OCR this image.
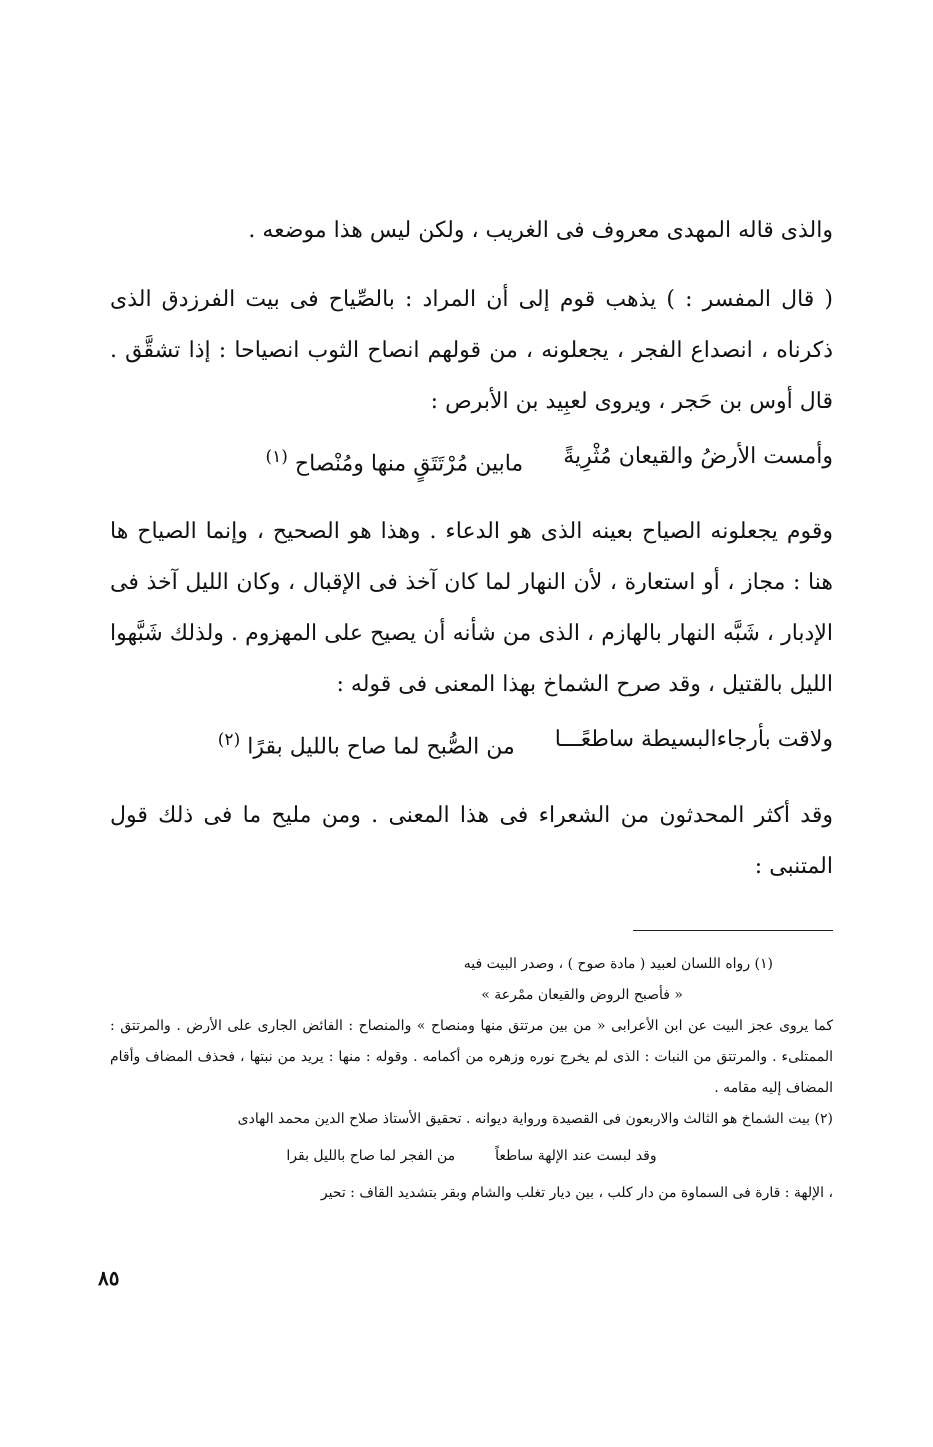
والذى قاله المهدى معروف فى الغريب ، ولكن ليس هذا موضعه .

( قال المفسر : ) يذهب قوم إلى أن المراد : بالصِّياح فى بيت الفرزدق الذى ذكرناه ، انصداع الفجر ، يجعلونه ، من قولهم انصاح الثوب انصياحا : إذا تشقَّق . قال أوس بن حَجر ، ويروى لعبِيد بن الأبرص :

وأمست الأرضُ والقيعان مُثْرِيةً
مابين مُرْتَتَقٍ منها ومُنْصاح $^{(١)}$

وقوم يجعلونه الصياح بعينه الذى هو الدعاء . وهذا هو الصحيح ، وإنما الصياح ها هنا : مجاز ، أو استعارة ، لأن النهار لما كان آخذ فى الإقبال ، وكان الليل آخذ فى الإدبار ، شَبَّه النهار بالهازم ، الذى من شأنه أن يصيح على المهزوم . ولذلك شَبَّهوا الليل بالقتيل ، وقد صرح الشماخ بهذا المعنى فى قوله :

ولاقت بأرجاءالبسيطة ساطعًـــا
من الصُّبح لما صاح بالليل بقرًا $^{(٢)}$

وقد أكثر المحدثون من الشعراء فى هذا المعنى . ومن مليح ما فى ذلك قول المتنبى :

(١) رواه اللسان لعبيد ( مادة صوح ) ، وصدر البيت فيه
« فأصبح الروض والقيعان ممْرعة »
كما يروى عجز البيت عن ابن الأعرابى « من بين مرتتق منها ومنصاح » والمنصاح : الفائض الجارى على الأرض . والمرتتق : الممتلىء . والمرتتق من النبات : الذى لم يخرج نوره وزهره من أكمامه . وقوله : منها : يريد من نبتها ، فحذف المضاف وأقام المضاف إليه مقامه .
(٢) بيت الشماخ هو الثالث والاربعون فى القصيدة ورواية ديوانه . تحقيق الأستاذ صلاح الدين محمد الهادى
وقد لبست عند الإلهة ساطعاً
من الفجر لما صاح بالليل بقرا
، الإلهة : قارة فى السماوة من دار كلب ، بين ديار تغلب والشام وبقر بتشديد القاف : تحير
٨٥
